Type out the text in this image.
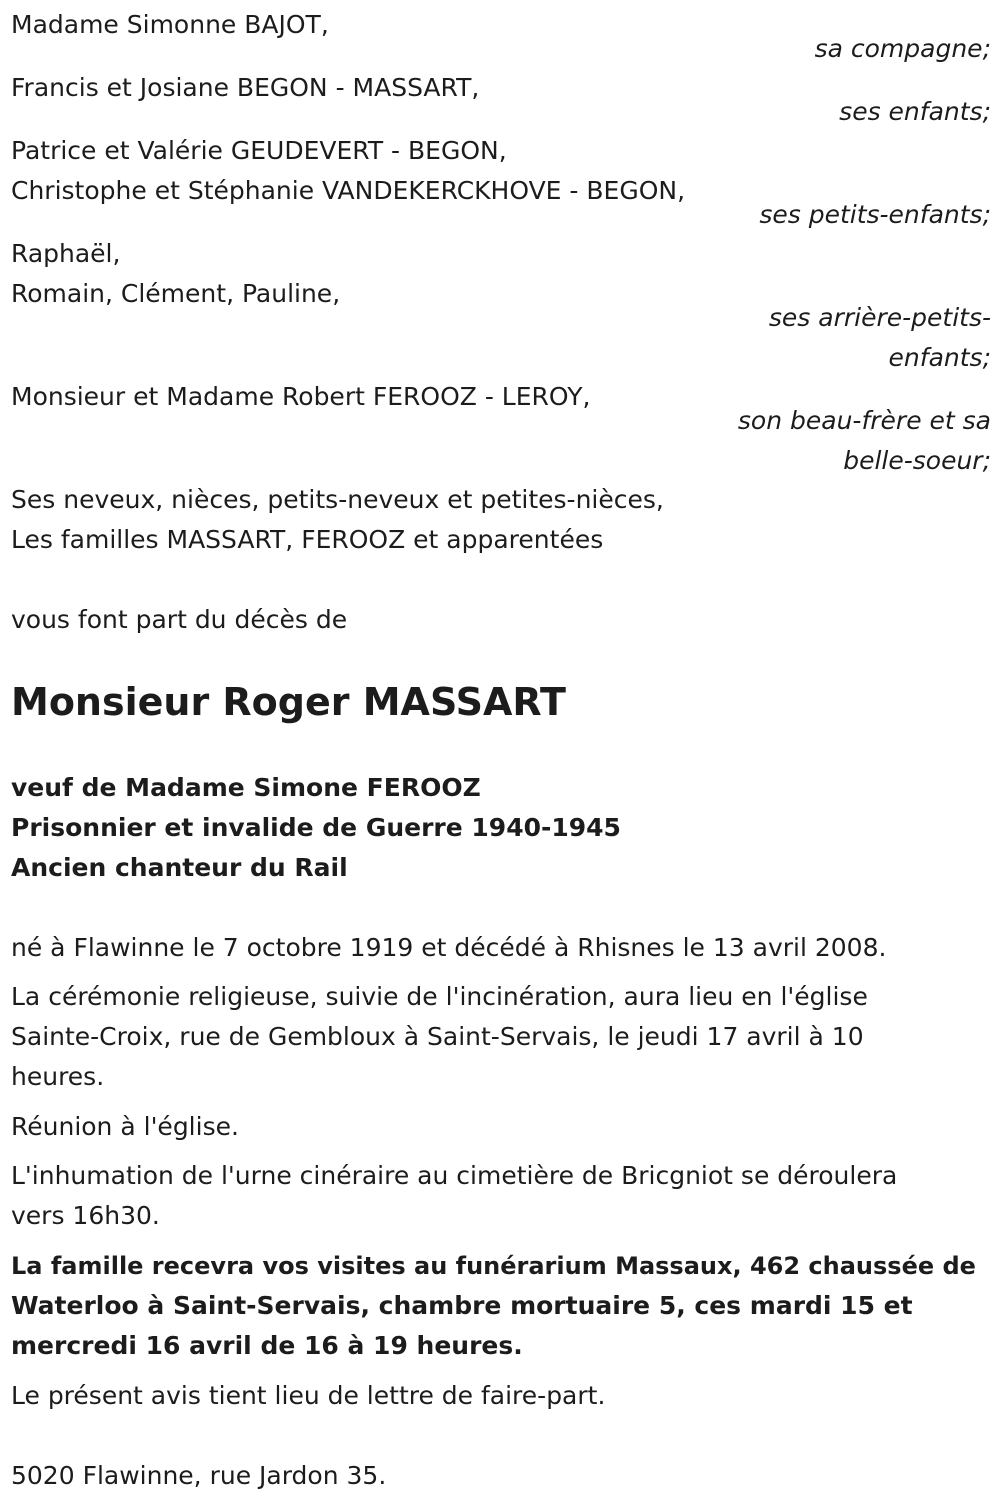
Madame Simonne BAJOT,
sa compagne;
Francis et Josiane BEGON - MASSART,
ses enfants;
Patrice et Valérie GEUDEVERT - BEGON,
Christophe et Stéphanie VANDEKERCKHOVE - BEGON,
ses petits-enfants;
Raphaël,
Romain, Clément, Pauline,
ses arrière-petits-
enfants;
Monsieur et Madame Robert FEROOZ - LEROY,
son beau-frère et sa
belle-soeur;
Ses neveux, nièces, petits-neveux et petites-nièces,
Les familles MASSART, FEROOZ et apparentées
vous font part du décès de
Monsieur Roger MASSART
veuf de Madame Simone FEROOZ
Prisonnier et invalide de Guerre 1940-1945
Ancien chanteur du Rail
né à Flawinne le 7 octobre 1919 et décédé à Rhisnes le 13 avril 2008.
La cérémonie religieuse, suivie de l'incinération, aura lieu en l'église
Sainte-Croix, rue de Gembloux à Saint-Servais, le jeudi 17 avril à 10
heures.
Réunion à l'église.
L'inhumation de l'urne cinéraire au cimetière de Bricgniot se déroulera
vers 16h30.
La famille recevra vos visites au funérarium Massaux, 462 chaussée de
Waterloo à Saint-Servais, chambre mortuaire 5, ces mardi 15 et
mercredi 16 avril de 16 à 19 heures.
Le présent avis tient lieu de lettre de faire-part.
5020 Flawinne, rue Jardon 35.
